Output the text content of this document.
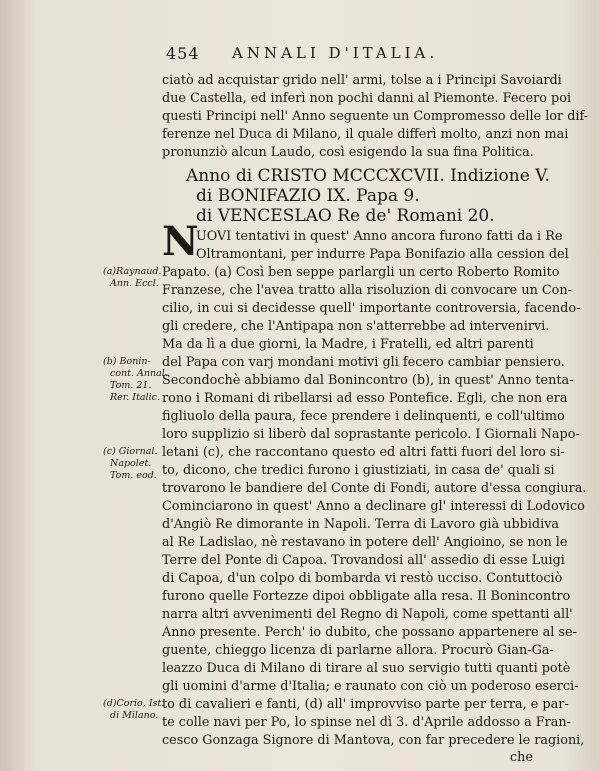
454 ANNALI D'ITALIA.
ciatò ad acquistar grido nell' armi, tolse a i Principi Savoiardi
due Castella, ed inferì non pochi danni al Piemonte. Fecero poi
questi Principi nell' Anno seguente un Compromesso delle lor dif-
ferenze nel Duca di Milano, il quale differì molto, anzi non mai
pronunziò alcun Laudo, così esigendo la sua fina Politica.
Anno di CRISTO MCCCXCVII. Indizione V.
di BONIFAZIO IX. Papa 9.
di VENCESLAO Re de' Romani 20.
N
UOVI tentativi in quest' Anno ancora furono fatti da i Re
Oltramontani, per indurre Papa Bonifazio alla cession del
Papato. (a) Così ben seppe parlargli un certo Roberto Romito
Franzese, che l'avea tratto alla risoluzion di convocare un Con-
cilio, in cui si decidesse quell' importante controversia, facendo-
gli credere, che l'Antipapa non s'atterrebbe ad intervenirvi.
Ma da lì a due giorni, la Madre, i Fratelli, ed altri parenti
del Papa con varj mondani motivi gli fecero cambiar pensiero.
Secondochè abbiamo dal Bonincontro (b), in quest' Anno tenta-
rono i Romani di ribellarsi ad esso Pontefice. Egli, che non era
figliuolo della paura, fece prendere i delinquenti, e coll'ultimo
loro supplizio si liberò dal soprastante pericolo. I Giornali Napo-
letani (c), che raccontano questo ed altri fatti fuori del loro si-
to, dicono, che tredici furono i giustiziati, in casa de' quali si
trovarono le bandiere del Conte di Fondi, autore d'essa congiura.
Cominciarono in quest' Anno a declinare gl' interessi di Lodovico
d'Angiò Re dimorante in Napoli. Terra di Lavoro già ubbidiva
al Re Ladislao, nè restavano in potere dell' Angioino, se non le
Terre del Ponte di Capoa. Trovandosi all' assedio di esse Luigi
di Capoa, d'un colpo di bombarda vi restò ucciso. Contuttociò
furono quelle Fortezze dipoi obbligate alla resa. Il Bonincontro
narra altri avvenimenti del Regno di Napoli, come spettanti all'
Anno presente. Perch' io dubito, che possano appartenere al se-
guente, chieggo licenza di parlarne allora. Procurò Gian-Ga-
leazzo Duca di Milano di tirare al suo servigio tutti quanti potè
gli uomini d'arme d'Italia; e raunato con ciò un poderoso eserci-
to di cavalieri e fanti, (d) all' improvviso parte per terra, e par-
te colle navi per Po, lo spinse nel dì 3. d'Aprile addosso a Fran-
cesco Gonzaga Signore di Mantova, con far precedere le ragioni,
che
(a)Raynaud.
Ann. Eccl.
(b) Bonin-
cont. Annal.
Tom. 21.
Rer. Italic.
(c) Giornal.
Napolet.
Tom. eod.
(d)Corio, Ist.
di Milano.
